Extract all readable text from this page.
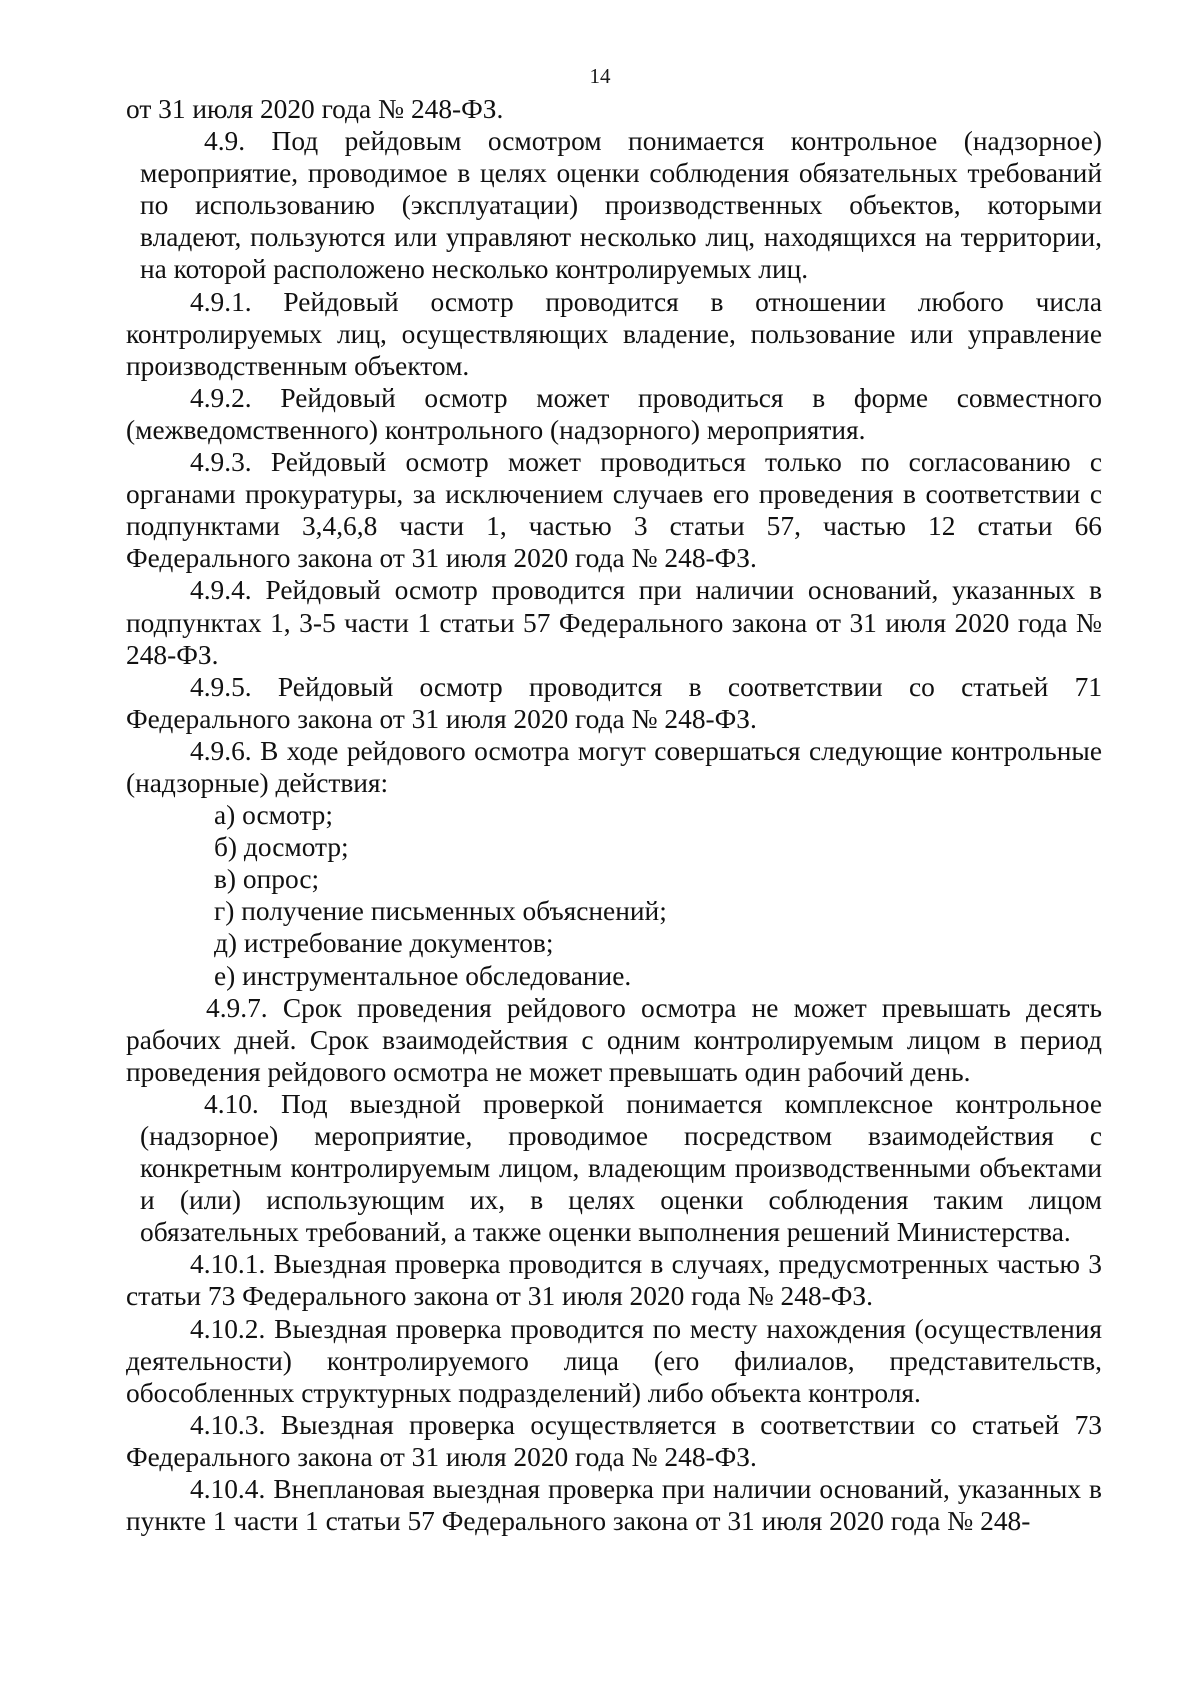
14

от 31 июля 2020 года № 248-ФЗ.

4.9. Под рейдовым осмотром понимается контрольное (надзорное) мероприятие, проводимое в целях оценки соблюдения обязательных требований по использованию (эксплуатации) производственных объектов, которыми владеют, пользуются или управляют несколько лиц, находящихся на территории, на которой расположено несколько контролируемых лиц.

4.9.1. Рейдовый осмотр проводится в отношении любого числа контролируемых лиц, осуществляющих владение, пользование или управление производственным объектом.

4.9.2. Рейдовый осмотр может проводиться в форме совместного (межведомственного) контрольного (надзорного) мероприятия.

4.9.3. Рейдовый осмотр может проводиться только по согласованию с органами прокуратуры, за исключением случаев его проведения в соответствии с подпунктами 3,4,6,8 части 1, частью 3 статьи 57, частью 12 статьи 66 Федерального закона от 31 июля 2020 года № 248-ФЗ.

4.9.4. Рейдовый осмотр проводится при наличии оснований, указанных в подпунктах 1, 3-5 части 1 статьи 57 Федерального закона от 31 июля 2020 года № 248-ФЗ.

4.9.5. Рейдовый осмотр проводится в соответствии со статьей 71 Федерального закона от 31 июля 2020 года № 248-ФЗ.

4.9.6. В ходе рейдового осмотра могут совершаться следующие контрольные (надзорные) действия:

а) осмотр;

б) досмотр;

в) опрос;

г) получение письменных объяснений;

д) истребование документов;

е) инструментальное обследование.

4.9.7. Срок проведения рейдового осмотра не может превышать десять рабочих дней. Срок взаимодействия с одним контролируемым лицом в период проведения рейдового осмотра не может превышать один рабочий день.

4.10. Под выездной проверкой понимается комплексное контрольное (надзорное) мероприятие, проводимое посредством взаимодействия с конкретным контролируемым лицом, владеющим производственными объектами и (или) использующим их, в целях оценки соблюдения таким лицом обязательных требований, а также оценки выполнения решений Министерства.

4.10.1. Выездная проверка проводится в случаях, предусмотренных частью 3 статьи 73 Федерального закона от 31 июля 2020 года № 248-ФЗ.

4.10.2. Выездная проверка проводится по месту нахождения (осуществления деятельности) контролируемого лица (его филиалов, представительств, обособленных структурных подразделений) либо объекта контроля.

4.10.3. Выездная проверка осуществляется в соответствии со статьей 73 Федерального закона от 31 июля 2020 года № 248-ФЗ.

4.10.4. Внеплановая выездная проверка при наличии оснований, указанных в пункте 1 части 1 статьи 57 Федерального закона от 31 июля 2020 года № 248-
